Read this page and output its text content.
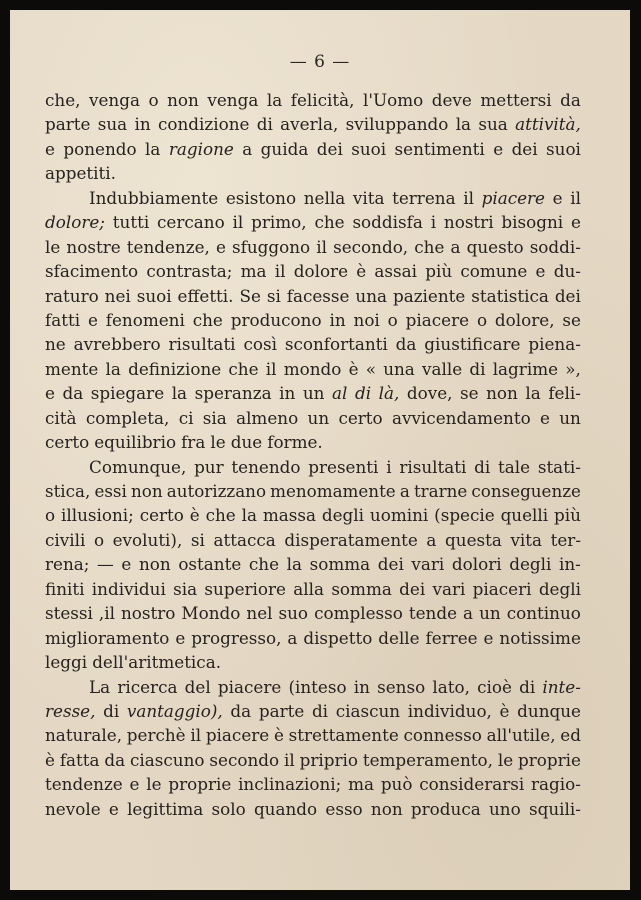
— 6 —
che, venga o non venga la felicità, l'Uomo deve mettersi da
parte sua in condizione di averla, sviluppando la sua attività,
e ponendo la ragione a guida dei suoi sentimenti e dei suoi
appetiti.
Indubbiamente esistono nella vita terrena il piacere e il
dolore; tutti cercano il primo, che soddisfa i nostri bisogni e
le nostre tendenze, e sfuggono il secondo, che a questo soddi-
sfacimento contrasta; ma il dolore è assai più comune e du-
raturo nei suoi effetti. Se si facesse una paziente statistica dei
fatti e fenomeni che producono in noi o piacere o dolore, se
ne avrebbero risultati così sconfortanti da giustificare piena-
mente la definizione che il mondo è « una valle di lagrime »,
e da spiegare la speranza in un al di là, dove, se non la feli-
cità completa, ci sia almeno un certo avvicendamento e un
certo equilibrio fra le due forme.
Comunque, pur tenendo presenti i risultati di tale stati-
stica, essi non autorizzano menomamente a trarne conseguenze
o illusioni; certo è che la massa degli uomini (specie quelli più
civili o evoluti), si attacca disperatamente a questa vita ter-
rena; — e non ostante che la somma dei vari dolori degli in-
finiti individui sia superiore alla somma dei vari piaceri degli
stessi ,il nostro Mondo nel suo complesso tende a un continuo
miglioramento e progresso, a dispetto delle ferree e notissime
leggi dell'aritmetica.
La ricerca del piacere (inteso in senso lato, cioè di inte-
resse, di vantaggio), da parte di ciascun individuo, è dunque
naturale, perchè il piacere è strettamente connesso all'utile, ed
è fatta da ciascuno secondo il priprio temperamento, le proprie
tendenze e le proprie inclinazioni; ma può considerarsi ragio-
nevole e legittima solo quando esso non produca uno squili-
